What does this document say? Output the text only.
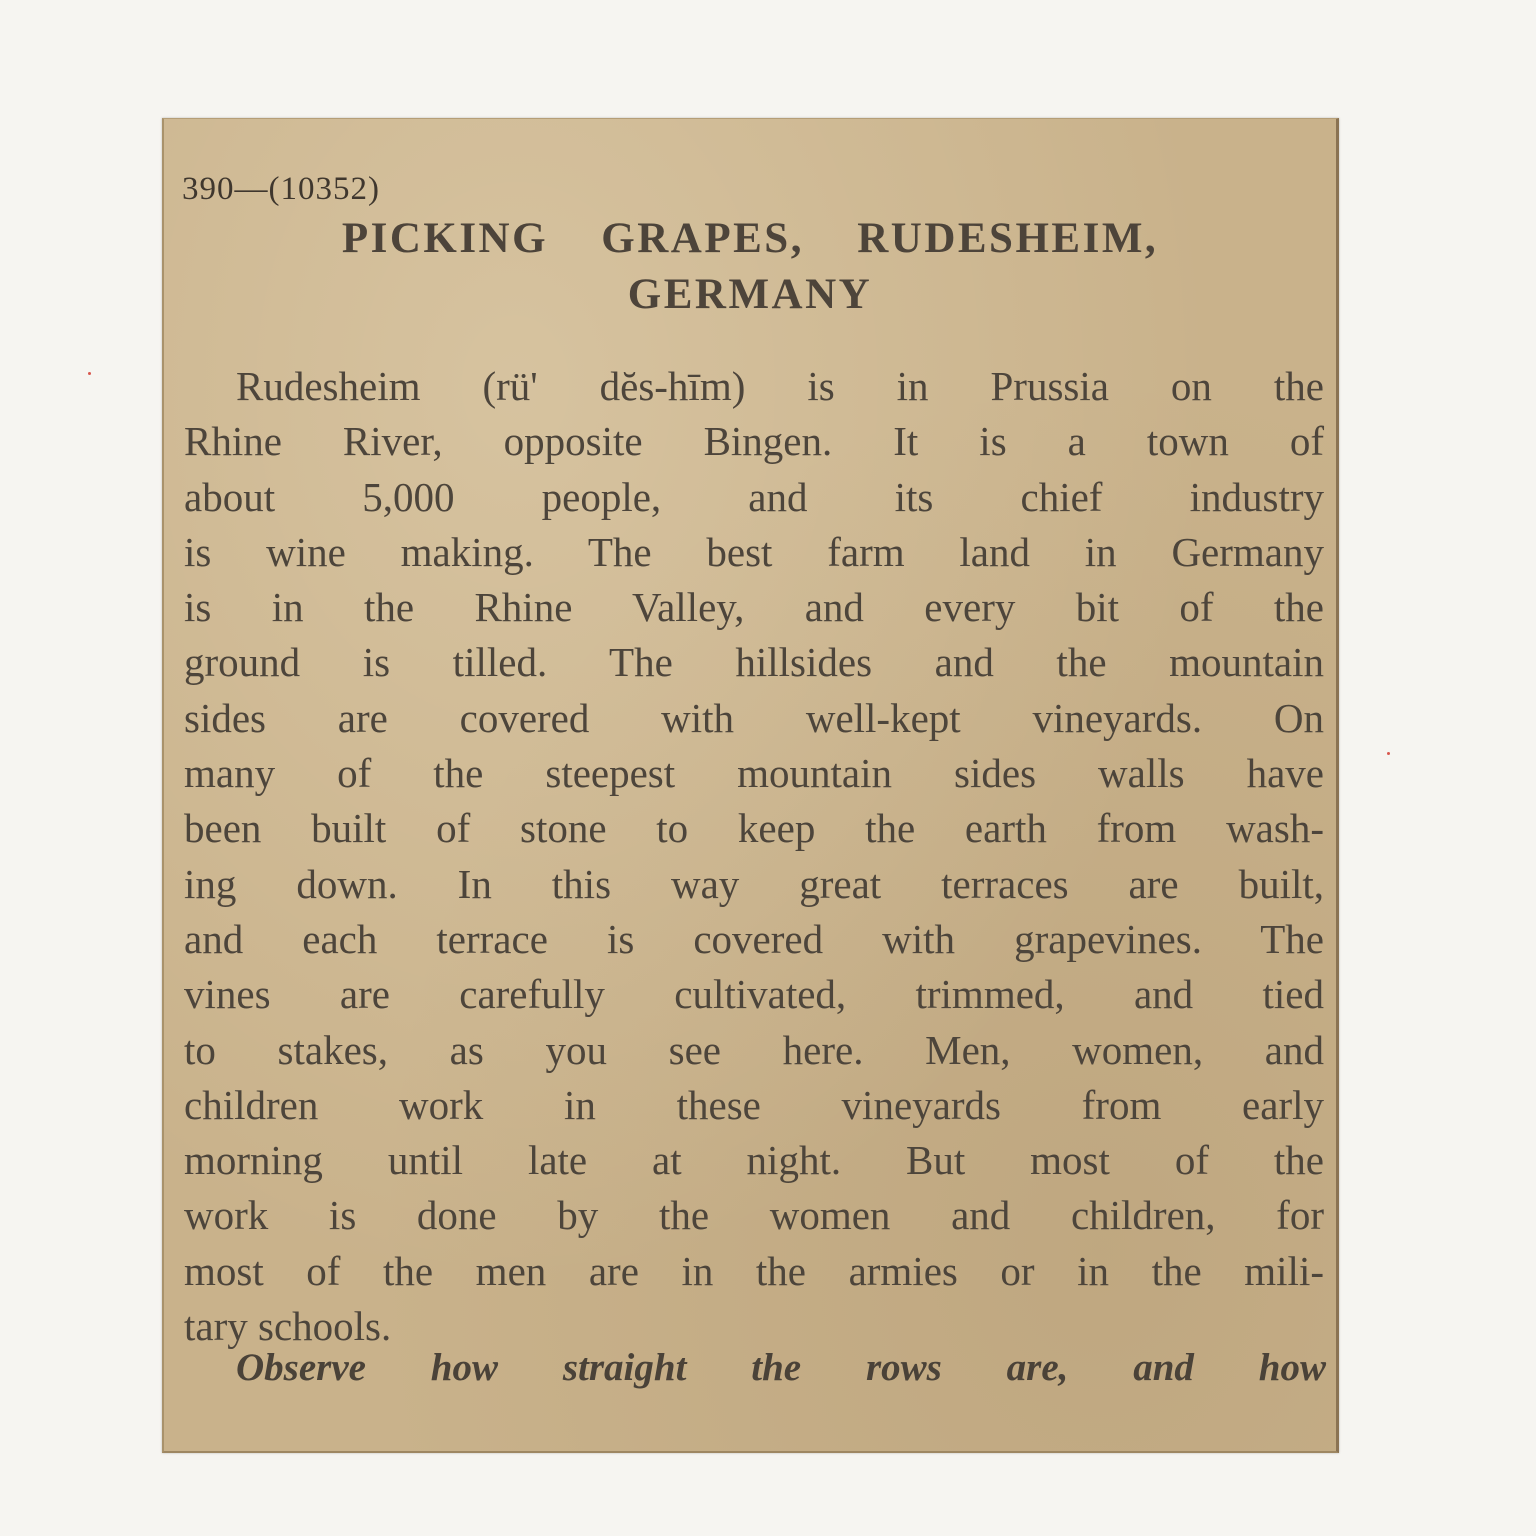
390—(10352)
PICKING GRAPES, RUDESHEIM,
GERMANY
Rudesheim (rü' dĕs-hīm) is in Prussia on the
Rhine River, opposite Bingen. It is a town of
about 5,000 people, and its chief industry
is wine making. The best farm land in Germany
is in the Rhine Valley, and every bit of the
ground is tilled. The hillsides and the mountain
sides are covered with well-kept vineyards. On
many of the steepest mountain sides walls have
been built of stone to keep the earth from wash-
ing down. In this way great terraces are built,
and each terrace is covered with grapevines. The
vines are carefully cultivated, trimmed, and tied
to stakes, as you see here. Men, women, and
children work in these vineyards from early
morning until late at night. But most of the
work is done by the women and children, for
most of the men are in the armies or in the mili-
tary schools.

Observe how straight the rows are, and how
